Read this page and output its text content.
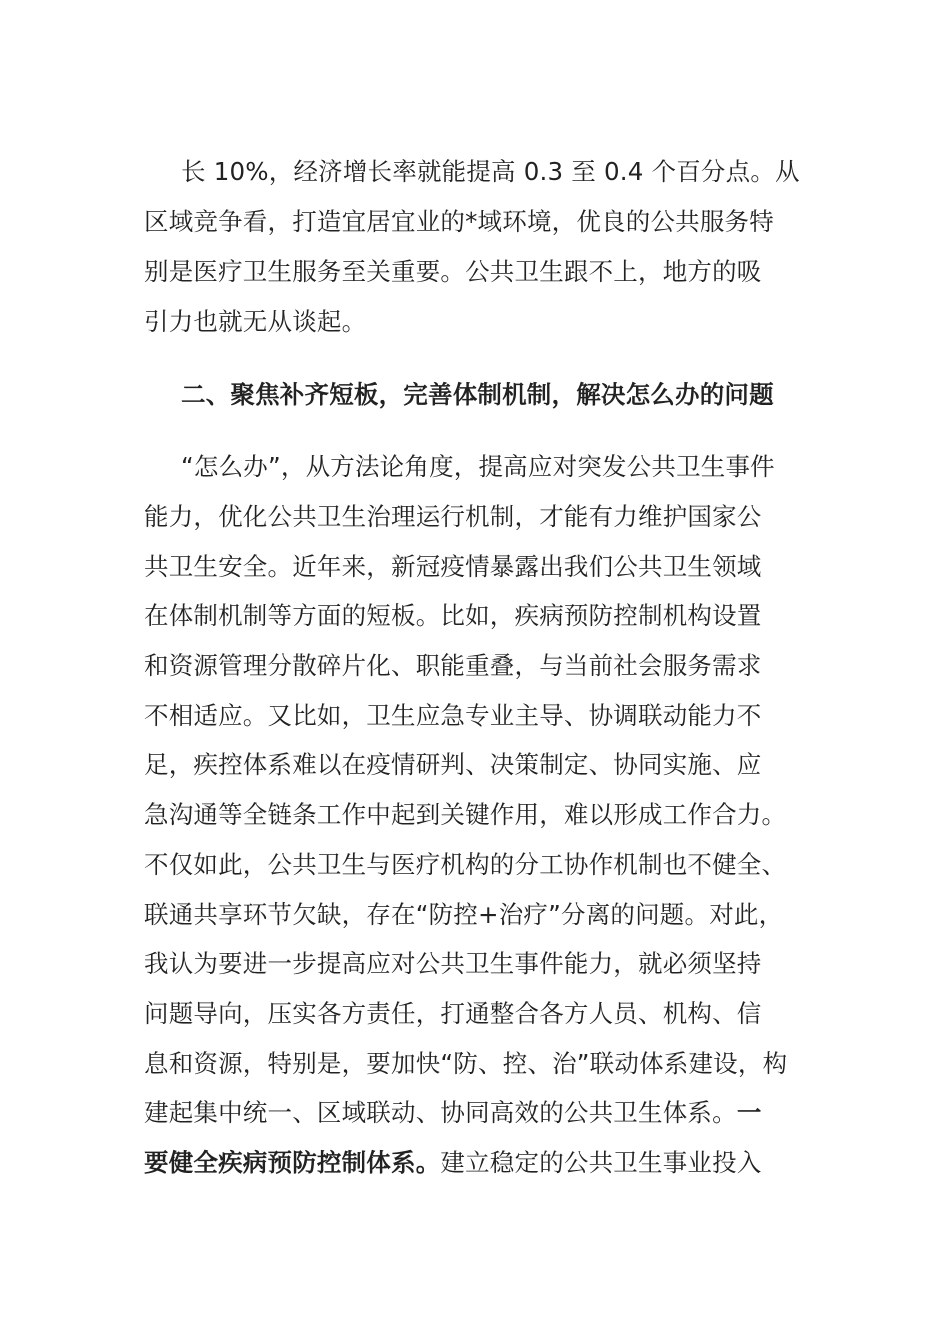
长 10%，经济增长率就能提高 0.3 至 0.4 个百分点。从
区域竞争看，打造宜居宜业的*域环境，优良的公共服务特
别是医疗卫生服务至关重要。公共卫生跟不上，地方的吸
引力也就无从谈起。
二、聚焦补齐短板，完善体制机制，解决怎么办的问题
“怎么办”，从方法论角度，提高应对突发公共卫生事件
能力，优化公共卫生治理运行机制，才能有力维护国家公
共卫生安全。近年来，新冠疫情暴露出我们公共卫生领域
在体制机制等方面的短板。比如，疾病预防控制机构设置
和资源管理分散碎片化、职能重叠，与当前社会服务需求
不相适应。又比如，卫生应急专业主导、协调联动能力不
足，疾控体系难以在疫情研判、决策制定、协同实施、应
急沟通等全链条工作中起到关键作用，难以形成工作合力。
不仅如此，公共卫生与医疗机构的分工协作机制也不健全、
联通共享环节欠缺，存在“防控+治疗”分离的问题。对此，
我认为要进一步提高应对公共卫生事件能力，就必须坚持
问题导向，压实各方责任，打通整合各方人员、机构、信
息和资源，特别是，要加快“防、控、治”联动体系建设，构
建起集中统一、区域联动、协同高效的公共卫生体系。一
要健全疾病预防控制体系。建立稳定的公共卫生事业投入
